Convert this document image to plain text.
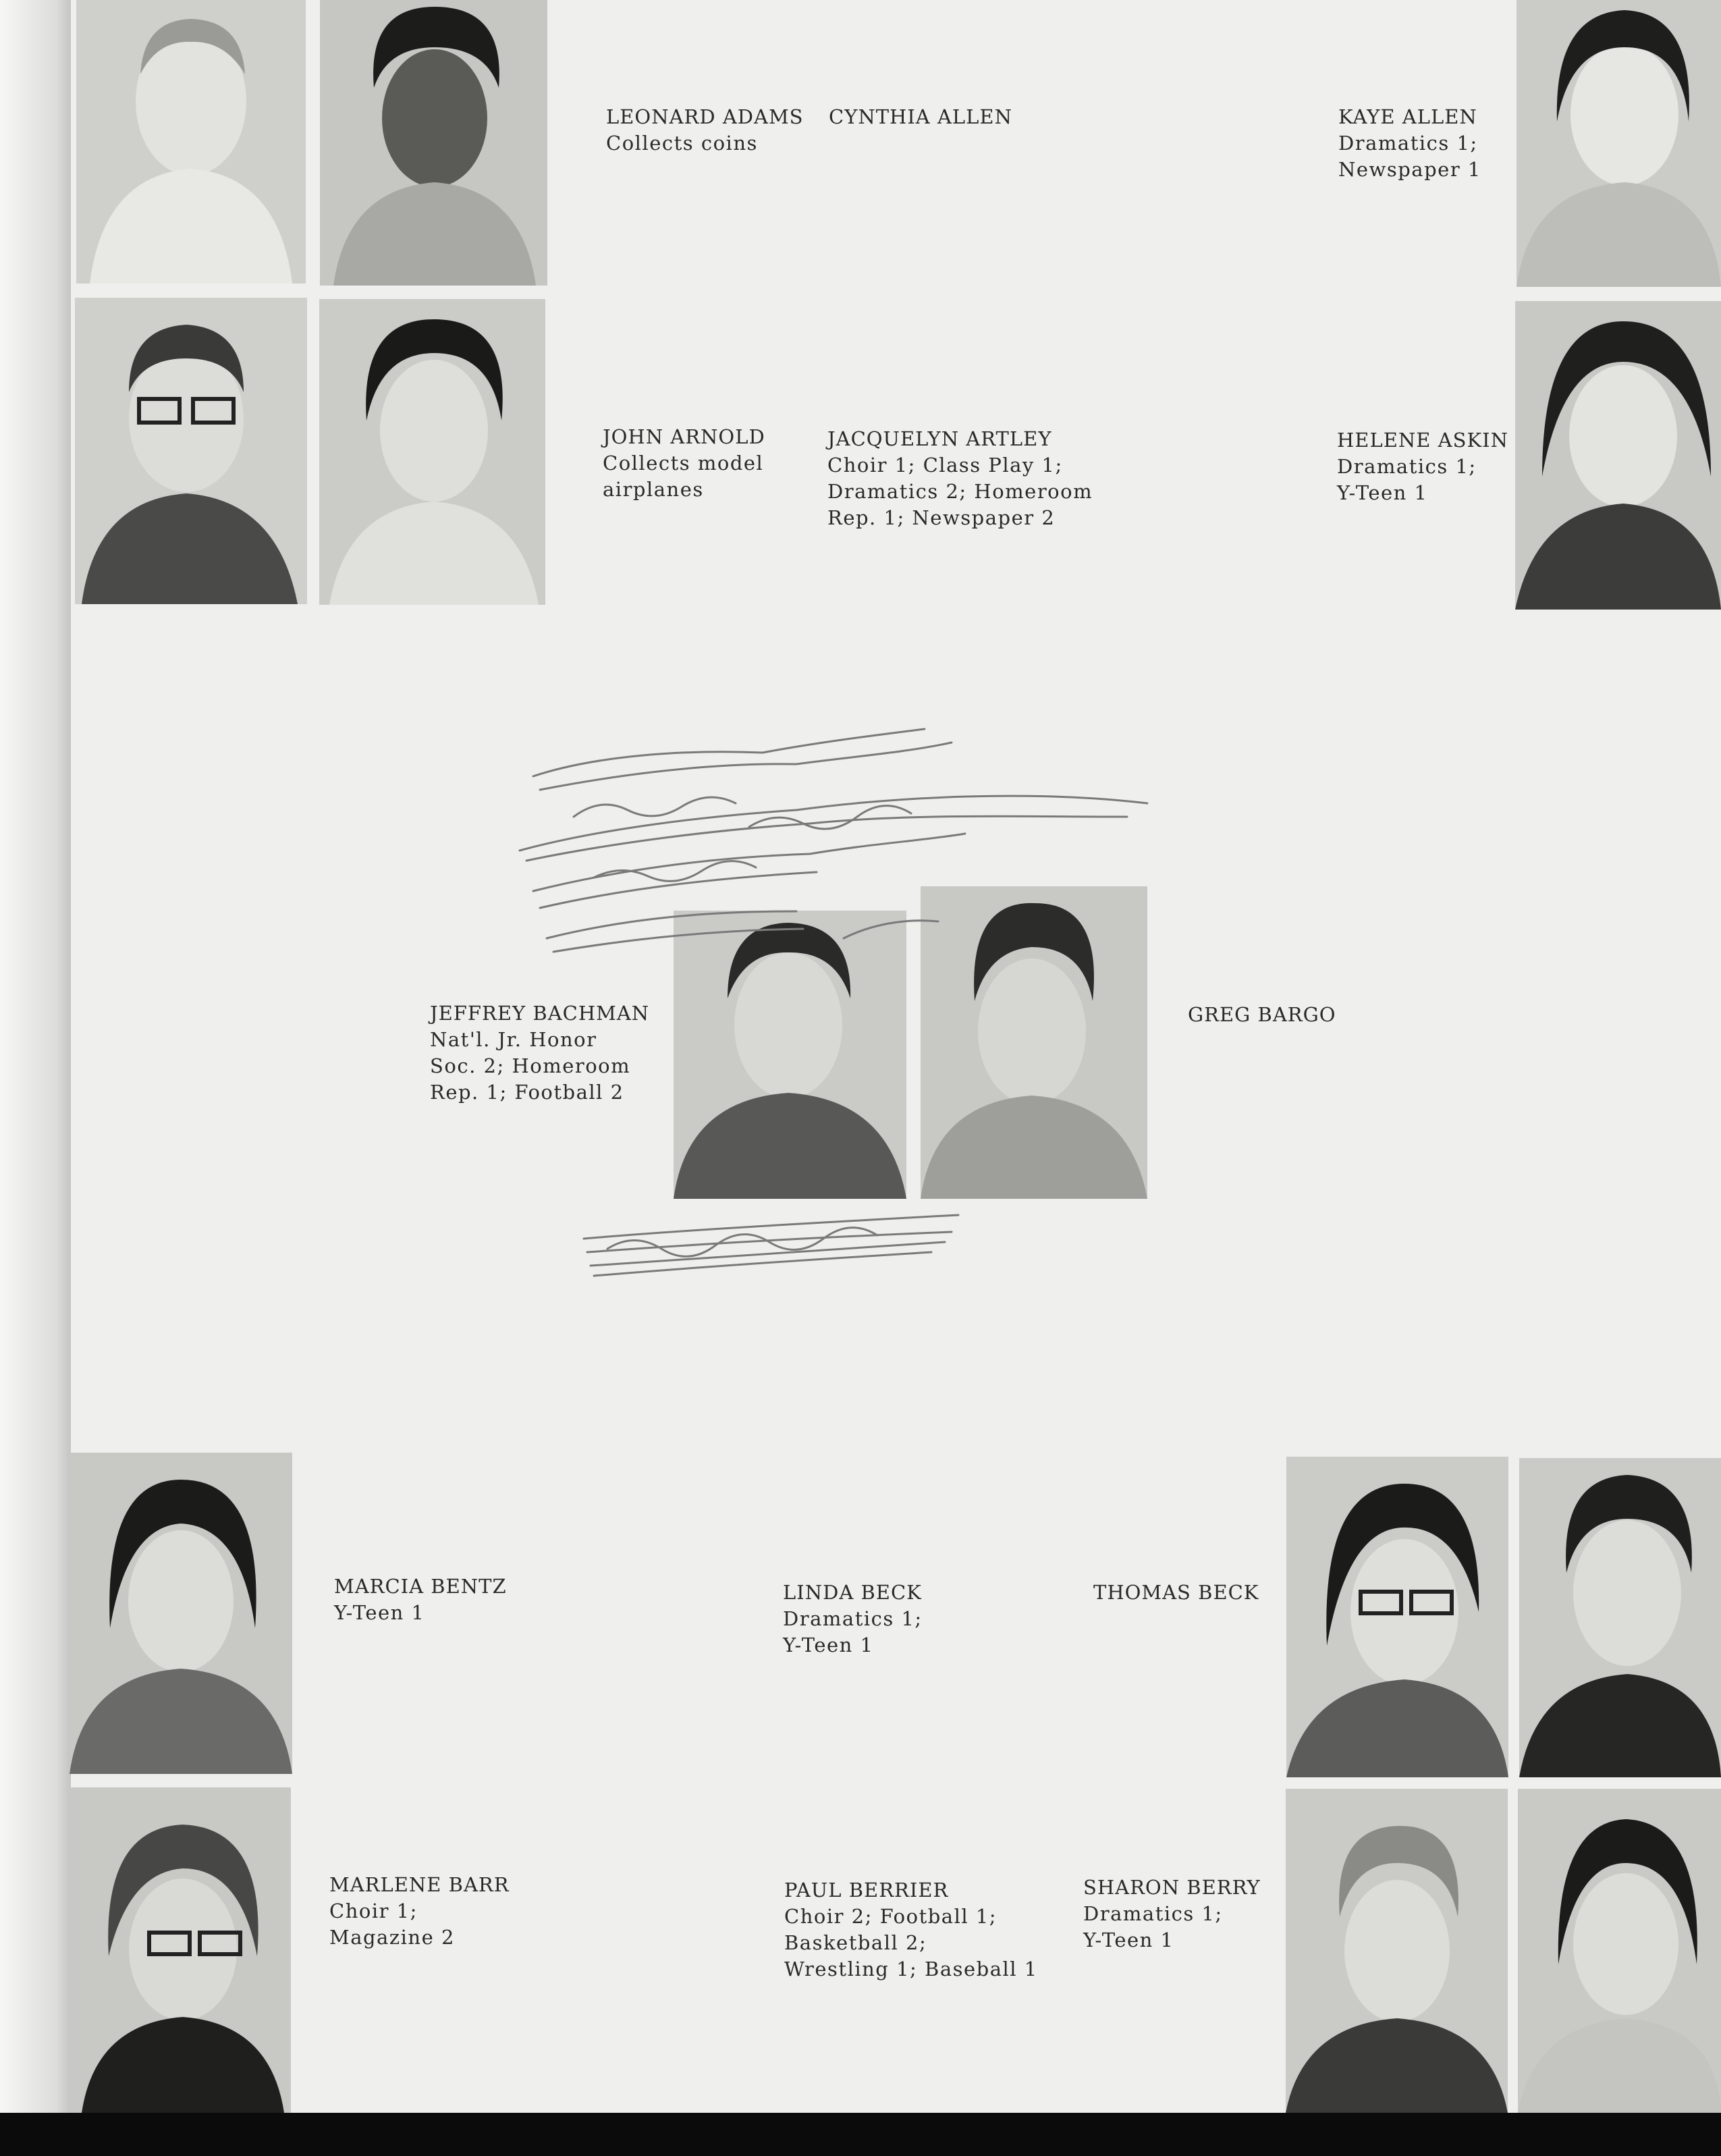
LEONARD ADAMS
Collects coins
CYNTHIA ALLEN	KAYE ALLEN
Dramatics 1;
Newspaper 1
JOHN ARNOLD
Collects model
airplanes
JACQUELYN ARTLEY
Choir 1; Class Play 1;
Dramatics 2; Homeroom
Rep. 1; Newspaper 2
HELENE ASKIN
Dramatics 1;
Y-Teen 1
JEFFREY BACHMAN
Nat'l. Jr. Honor
Soc. 2; Homeroom
Rep. 1; Football 2
GREG BARGO
MARCIA BENTZ
Y-Teen 1
LINDA BECK
Dramatics 1;
Y-Teen 1
THOMAS BECK
MARLENE BARR
Choir 1;
Magazine 2
PAUL BERRIER
Choir 2; Football 1;
Basketball 2;
Wrestling 1; Baseball 1
SHARON BERRY
Dramatics 1;
Y-Teen 1
